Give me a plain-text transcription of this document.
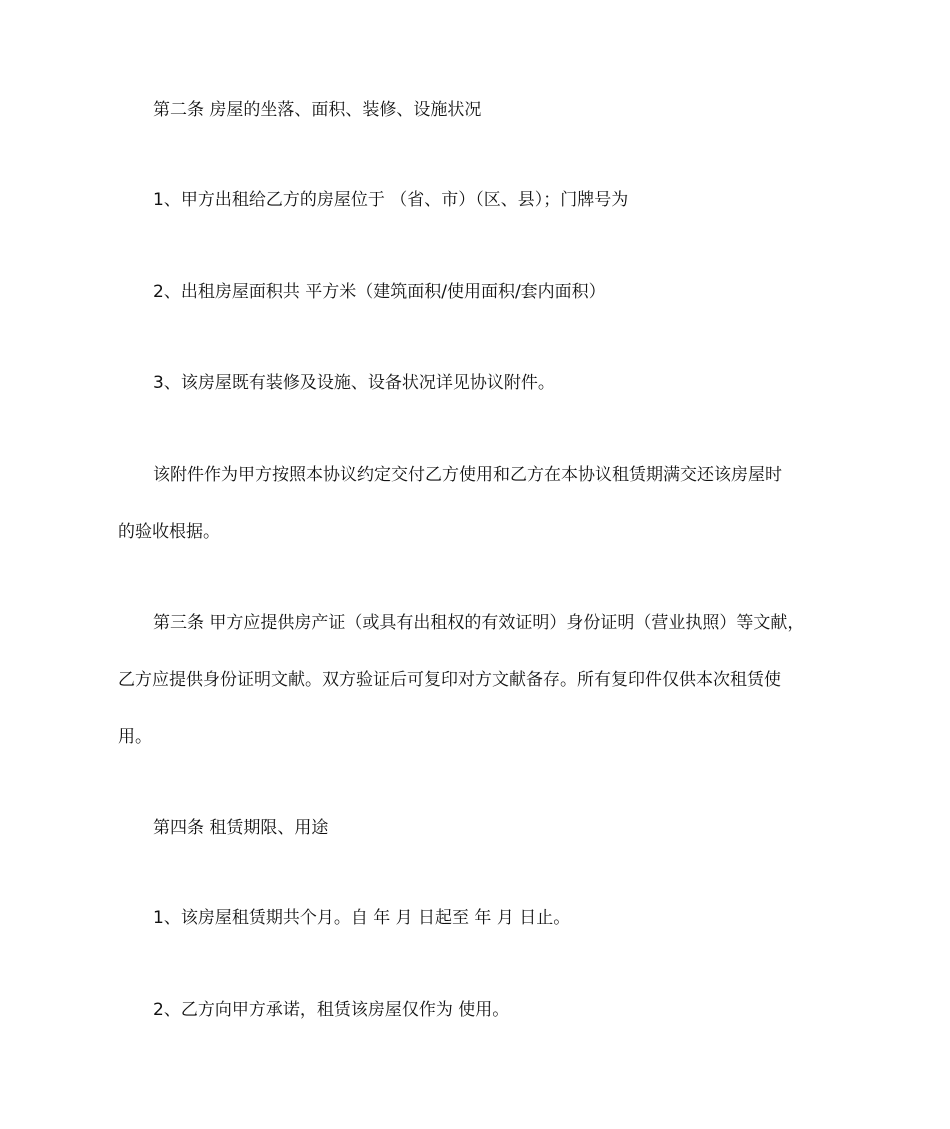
第二条 房屋的坐落、面积、装修、设施状况
1、甲方出租给乙方的房屋位于 （省、市）（区、县）；门牌号为
2、出租房屋面积共 平方米（建筑面积/使用面积/套内面积）
3、该房屋既有装修及设施、设备状况详见协议附件。
该附件作为甲方按照本协议约定交付乙方使用和乙方在本协议租赁期满交还该房屋时
的验收根据。
第三条 甲方应提供房产证（或具有出租权的有效证明）身份证明（营业执照）等文献，
乙方应提供身份证明文献。双方验证后可复印对方文献备存。所有复印件仅供本次租赁使
用。
第四条 租赁期限、用途
1、该房屋租赁期共个月。自 年 月 日起至 年 月 日止。
2、乙方向甲方承诺，租赁该房屋仅作为 使用。
